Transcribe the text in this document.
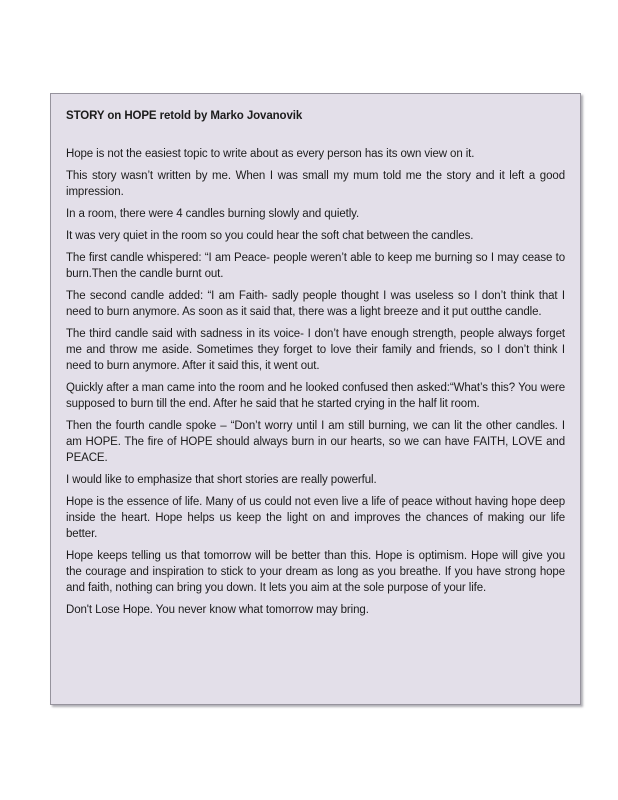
STORY on HOPE retold by Marko Jovanovik

Hope is not the easiest topic to write about as every person has its own view on it.

This story wasn’t written by me. When I was small my mum told me the story and it left a good impression.

In a room, there were 4 candles burning slowly and quietly.

It was very quiet in the room so you could hear the soft chat between the candles.

The first candle whispered: “I am Peace- people weren’t able to keep me burning so I may cease to burn.Then the candle burnt out.

The second candle added: “I am Faith- sadly people thought I was useless so I don’t think that I need to burn anymore. As soon as it said that, there was a light breeze and it put outthe candle.

The third candle said with sadness in its voice- I don’t have enough strength, people always forget me and throw me aside. Sometimes they forget to love their family and friends, so I don’t think I need to burn anymore. After it said this, it went out.

Quickly after a man came into the room and he looked confused then asked:“What’s this? You were supposed to burn till the end. After he said that he started crying in the half lit room.

Then the fourth candle spoke – “Don’t worry until I am still burning, we can lit the other candles. I am HOPE. The fire of HOPE should always burn in our hearts, so we can have FAITH, LOVE and PEACE.

I would like to emphasize that short stories are really powerful.

Hope is the essence of life. Many of us could not even live a life of peace without having hope deep inside the heart. Hope helps us keep the light on and improves the chances of making our life better.

Hope keeps telling us that tomorrow will be better than this. Hope is optimism. Hope will give you the courage and inspiration to stick to your dream as long as you breathe. If you have strong hope and faith, nothing can bring you down. It lets you aim at the sole purpose of your life.

Don't Lose Hope. You never know what tomorrow may bring.
